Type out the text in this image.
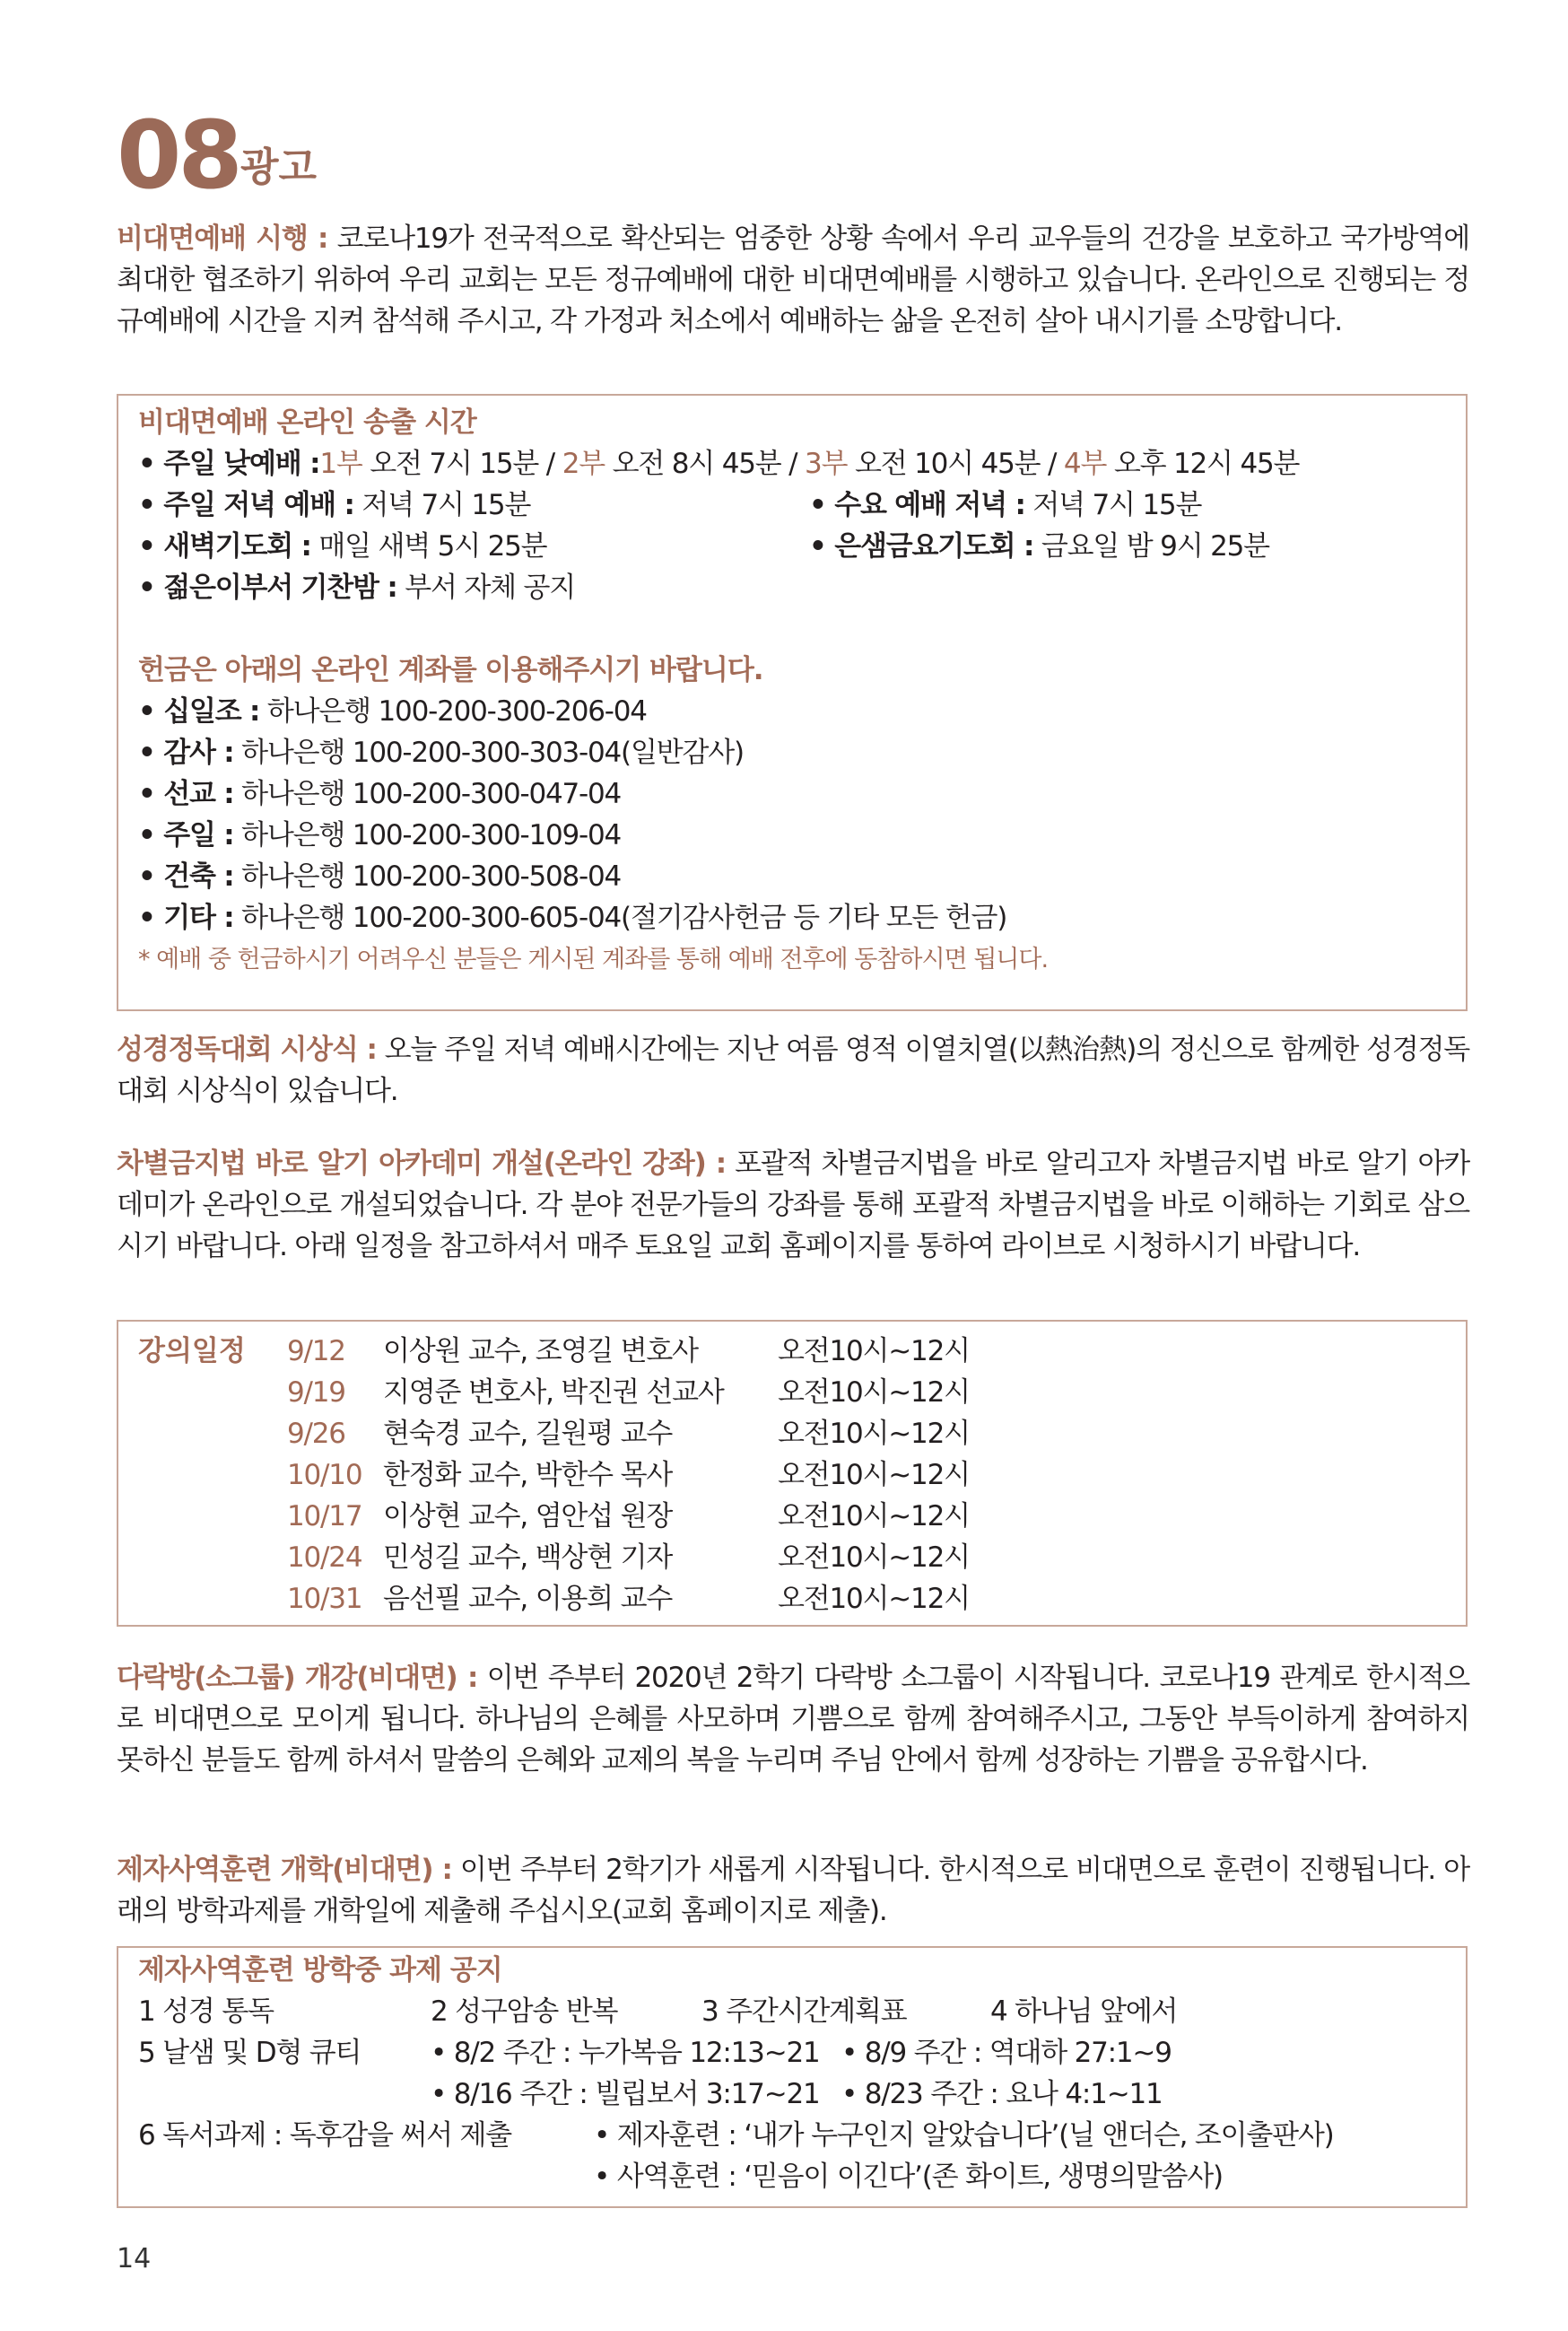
08 광고
비대면예배 시행 : 코로나19가 전국적으로 확산되는 엄중한 상황 속에서 우리 교우들의 건강을 보호하고 국가방역에 최대한 협조하기 위하여 우리 교회는 모든 정규예배에 대한 비대면예배를 시행하고 있습니다. 온라인으로 진행되는 정규예배에 시간을 지켜 참석해 주시고, 각 가정과 처소에서 예배하는 삶을 온전히 살아 내시기를 소망합니다.
비대면예배 온라인 송출 시간
• 주일 낮예배 :1부 오전 7시 15분 / 2부 오전 8시 45분 / 3부 오전 10시 45분 / 4부 오후 12시 45분
• 주일 저녁 예배 : 저녁 7시 15분	• 수요 예배 저녁 : 저녁 7시 15분
• 새벽기도회 : 매일 새벽 5시 25분	• 은샘금요기도회 : 금요일 밤 9시 25분
• 젊은이부서 기찬밤 : 부서 자체 공지
헌금은 아래의 온라인 계좌를 이용해주시기 바랍니다.
• 십일조 : 하나은행 100-200-300-206-04
• 감사 : 하나은행 100-200-300-303-04(일반감사)
• 선교 : 하나은행 100-200-300-047-04
• 주일 : 하나은행 100-200-300-109-04
• 건축 : 하나은행 100-200-300-508-04
• 기타 : 하나은행 100-200-300-605-04(절기감사헌금 등 기타 모든 헌금)
* 예배 중 헌금하시기 어려우신 분들은 게시된 계좌를 통해 예배 전후에 동참하시면 됩니다.
성경정독대회 시상식 : 오늘 주일 저녁 예배시간에는 지난 여름 영적 이열치열(以熱治熱)의 정신으로 함께한 성경정독대회 시상식이 있습니다.
차별금지법 바로 알기 아카데미 개설(온라인 강좌) : 포괄적 차별금지법을 바로 알리고자 차별금지법 바로 알기 아카데미가 온라인으로 개설되었습니다. 각 분야 전문가들의 강좌를 통해 포괄적 차별금지법을 바로 이해하는 기회로 삼으시기 바랍니다. 아래 일정을 참고하셔서 매주 토요일 교회 홈페이지를 통하여 라이브로 시청하시기 바랍니다.
강의일정 9/12 이상원 교수, 조영길 변호사	오전10시~12시
9/19 지영준 변호사, 박진권 선교사 오전10시~12시
9/26 현숙경 교수, 길원평 교수	오전10시~12시
10/10 한정화 교수, 박한수 목사	오전10시~12시
10/17 이상현 교수, 염안섭 원장	오전10시~12시
10/24 민성길 교수, 백상현 기자	오전10시~12시
10/31 음선필 교수, 이용희 교수	오전10시~12시
다락방(소그룹) 개강(비대면) : 이번 주부터 2020년 2학기 다락방 소그룹이 시작됩니다. 코로나19 관계로 한시적으로 비대면으로 모이게 됩니다. 하나님의 은혜를 사모하며 기쁨으로 함께 참여해주시고, 그동안 부득이하게 참여하지 못하신 분들도 함께 하셔서 말씀의 은혜와 교제의 복을 누리며 주님 안에서 함께 성장하는 기쁨을 공유합시다.
제자사역훈련 개학(비대면) : 이번 주부터 2학기가 새롭게 시작됩니다. 한시적으로 비대면으로 훈련이 진행됩니다. 아래의 방학과제를 개학일에 제출해 주십시오(교회 홈페이지로 제출).
제자사역훈련 방학중 과제 공지
1 성경 통독	2 성구암송 반복	3 주간시간계획표	4 하나님 앞에서
5 날샘 및 D형 큐티	• 8/2 주간 : 누가복음 12:13~21 • 8/9 주간 : 역대하 27:1~9
• 8/16 주간 : 빌립보서 3:17~21 • 8/23 주간 : 요나 4:1~11
6 독서과제 : 독후감을 써서 제출	• 제자훈련 : ‘내가 누구인지 알았습니다’(닐 앤더슨, 조이출판사)
• 사역훈련 : ‘믿음이 이긴다’(존 화이트, 생명의말씀사)
14
